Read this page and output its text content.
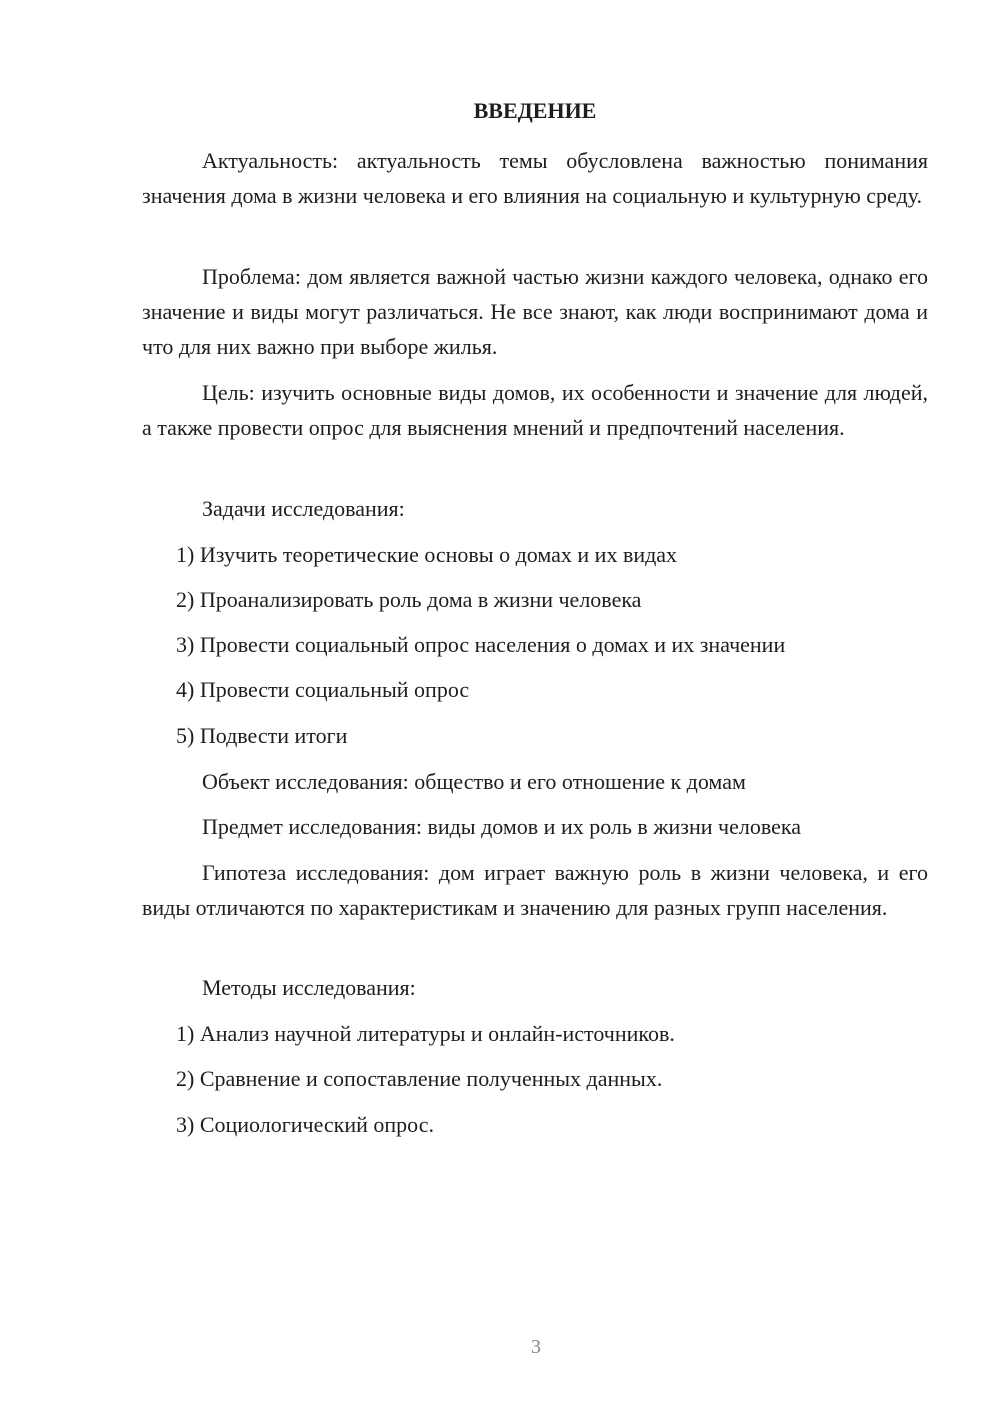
ВВЕДЕНИЕ

Актуальность: актуальность темы обусловлена важностью понимания значения дома в жизни человека и его влияния на социальную и культурную среду.

Проблема: дом является важной частью жизни каждого человека, однако его значение и виды могут различаться. Не все знают, как люди воспринимают дома и что для них важно при выборе жилья.

Цель: изучить основные виды домов, их особенности и значение для людей, а также провести опрос для выяснения мнений и предпочтений населения.

Задачи исследования:

1) Изучить теоретические основы о домах и их видах

2) Проанализировать роль дома в жизни человека

3) Провести социальный опрос населения о домах и их значении

4) Провести социальный опрос

5) Подвести итоги

Объект исследования: общество и его отношение к домам

Предмет исследования: виды домов и их роль в жизни человека

Гипотеза исследования: дом играет важную роль в жизни человека, и его виды отличаются по характеристикам и значению для разных групп населения.

Методы исследования:

1) Анализ научной литературы и онлайн-источников.

2) Сравнение и сопоставление полученных данных.

3) Социологический опрос.

3
